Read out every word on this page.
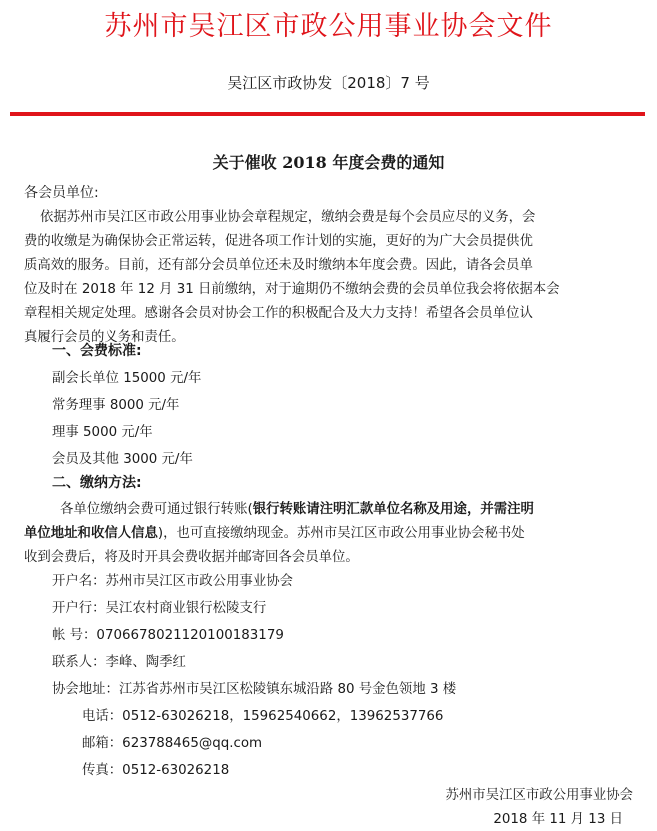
苏州市吴江区市政公用事业协会文件
吴江区市政协发〔2018〕7 号
关于催收 2018 年度会费的通知
各会员单位:

依据苏州市吴江区市政公用事业协会章程规定，缴纳会费是每个会员应尽的义务，会

费的收缴是为确保协会正常运转，促进各项工作计划的实施，更好的为广大会员提供优

质高效的服务。目前，还有部分会员单位还未及时缴纳本年度会费。因此，请各会员单

位及时在 2018 年 12 月 31 日前缴纳，对于逾期仍不缴纳会费的会员单位我会将依据本会

章程相关规定处理。感谢各会员对协会工作的积极配合及大力支持！希望各会员单位认

真履行会员的义务和责任。

一、会费标准:
副会长单位 15000 元/年
常务理事 8000 元/年
理事 5000 元/年
会员及其他 3000 元/年
二、缴纳方法:
各单位缴纳会费可通过银行转账(银行转账请注明汇款单位名称及用途，并需注明
单位地址和收信人信息)，也可直接缴纳现金。苏州市吴江区市政公用事业协会秘书处
收到会费后，将及时开具会费收据并邮寄回各会员单位。
开户名：苏州市吴江区市政公用事业协会
开户行：吴江农村商业银行松陵支行
帐 号：070667802112010018317​9
联系人：李峰、陶季红
协会地址：江苏省苏州市吴江区松陵镇东城沿路 80 号金色领地 3 楼
电话：0512-63026218，15962540662，13962537766
邮箱：623788465@qq.com
传真：0512-63026218
苏州市吴江区市政公用事业协会
2018 年 11 月 13 日
